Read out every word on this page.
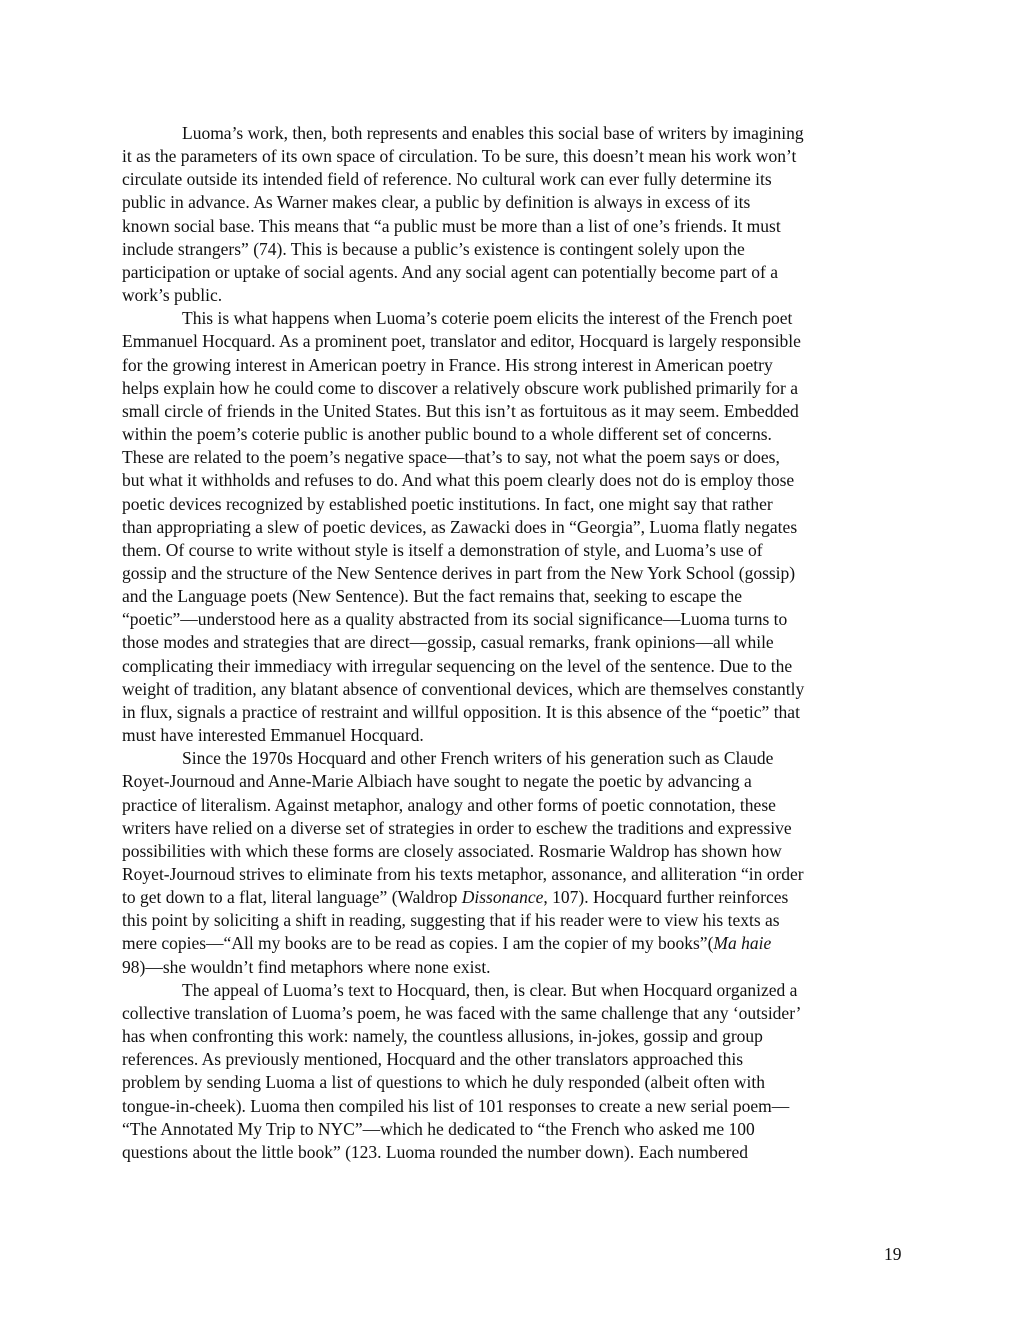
Luoma’s work, then, both represents and enables this social base of writers by imagining
it as the parameters of its own space of circulation. To be sure, this doesn’t mean his work won’t
circulate outside its intended field of reference. No cultural work can ever fully determine its
public in advance. As Warner makes clear, a public by definition is always in excess of its
known social base. This means that “a public must be more than a list of one’s friends. It must
include strangers” (74). This is because a public’s existence is contingent solely upon the
participation or uptake of social agents. And any social agent can potentially become part of a
work’s public.

This is what happens when Luoma’s coterie poem elicits the interest of the French poet
Emmanuel Hocquard. As a prominent poet, translator and editor, Hocquard is largely responsible
for the growing interest in American poetry in France. His strong interest in American poetry
helps explain how he could come to discover a relatively obscure work published primarily for a
small circle of friends in the United States. But this isn’t as fortuitous as it may seem. Embedded
within the poem’s coterie public is another public bound to a whole different set of concerns.
These are related to the poem’s negative space—that’s to say, not what the poem says or does,
but what it withholds and refuses to do. And what this poem clearly does not do is employ those
poetic devices recognized by established poetic institutions. In fact, one might say that rather
than appropriating a slew of poetic devices, as Zawacki does in “Georgia”, Luoma flatly negates
them. Of course to write without style is itself a demonstration of style, and Luoma’s use of
gossip and the structure of the New Sentence derives in part from the New York School (gossip)
and the Language poets (New Sentence). But the fact remains that, seeking to escape the
“poetic”—understood here as a quality abstracted from its social significance—Luoma turns to
those modes and strategies that are direct—gossip, casual remarks, frank opinions—all while
complicating their immediacy with irregular sequencing on the level of the sentence. Due to the
weight of tradition, any blatant absence of conventional devices, which are themselves constantly
in flux, signals a practice of restraint and willful opposition. It is this absence of the “poetic” that
must have interested Emmanuel Hocquard.

Since the 1970s Hocquard and other French writers of his generation such as Claude
Royet-Journoud and Anne-Marie Albiach have sought to negate the poetic by advancing a
practice of literalism. Against metaphor, analogy and other forms of poetic connotation, these
writers have relied on a diverse set of strategies in order to eschew the traditions and expressive
possibilities with which these forms are closely associated. Rosmarie Waldrop has shown how
Royet-Journoud strives to eliminate from his texts metaphor, assonance, and alliteration “in order
to get down to a flat, literal language” (Waldrop Dissonance, 107). Hocquard further reinforces
this point by soliciting a shift in reading, suggesting that if his reader were to view his texts as
mere copies—“All my books are to be read as copies. I am the copier of my books”(Ma haie
98)—she wouldn’t find metaphors where none exist.

The appeal of Luoma’s text to Hocquard, then, is clear. But when Hocquard organized a
collective translation of Luoma’s poem, he was faced with the same challenge that any ‘outsider’
has when confronting this work: namely, the countless allusions, in-jokes, gossip and group
references. As previously mentioned, Hocquard and the other translators approached this
problem by sending Luoma a list of questions to which he duly responded (albeit often with
tongue-in-cheek). Luoma then compiled his list of 101 responses to create a new serial poem—
“The Annotated My Trip to NYC”—which he dedicated to “the French who asked me 100
questions about the little book” (123. Luoma rounded the number down). Each numbered

19
